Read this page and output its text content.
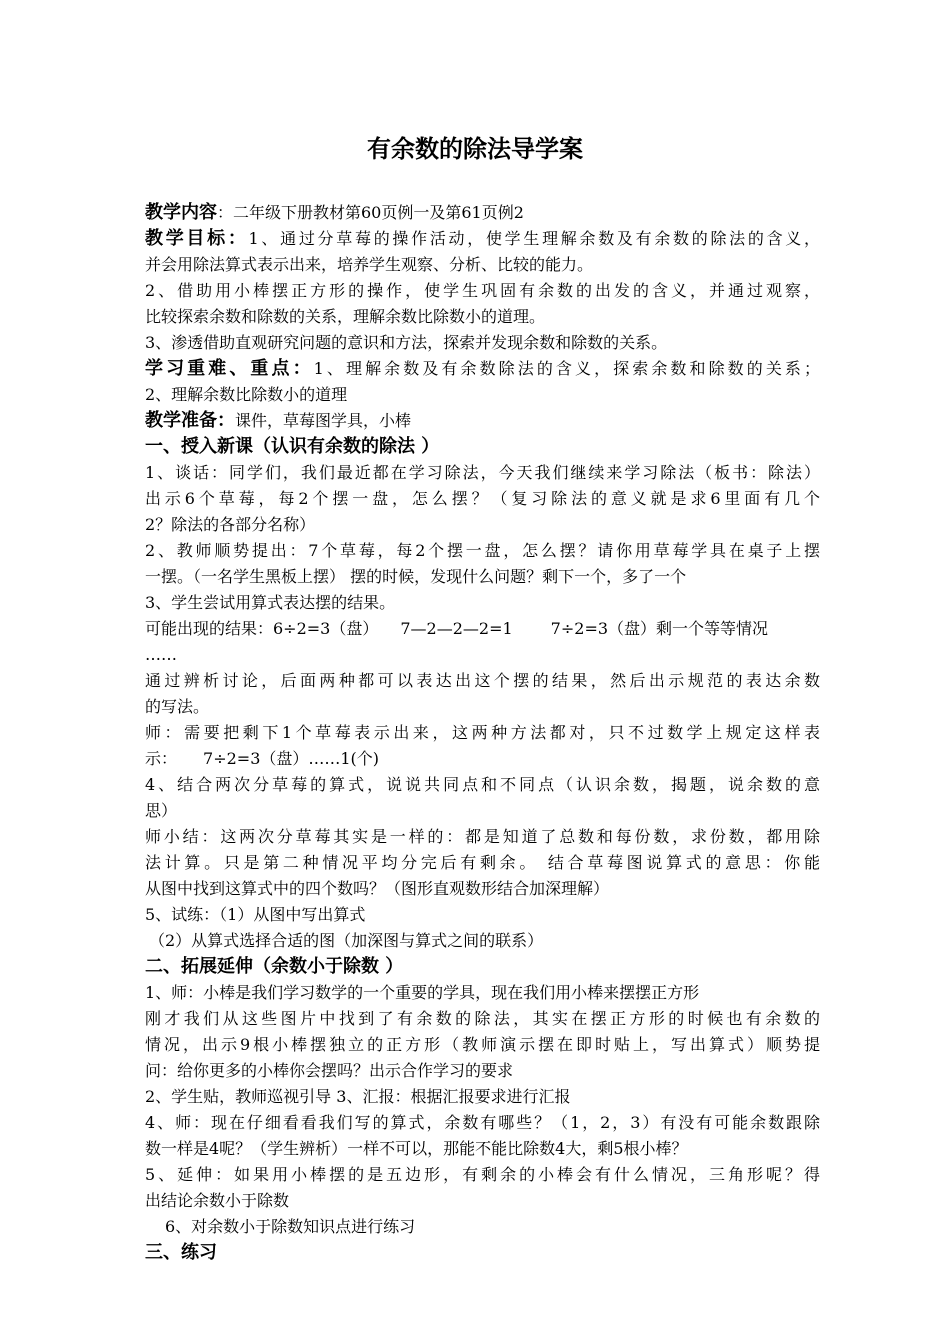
有余数的除法导学案
教学内容：二年级下册教材第60页例一及第61页例2
教学目标：1、通过分草莓的操作活动，使学生理解余数及有余数的除法的含义，
并会用除法算式表示出来，培养学生观察、分析、比较的能力。
2、借助用小棒摆正方形的操作，使学生巩固有余数的出发的含义，并通过观察，
比较探索余数和除数的关系，理解余数比除数小的道理。
3、渗透借助直观研究问题的意识和方法，探索并发现余数和除数的关系。
学习重难、重点：1、理解余数及有余数除法的含义，探索余数和除数的关系；
2、理解余数比除数小的道理
教学准备：课件，草莓图学具，小棒
一、授入新课（认识有余数的除法 ）
1、谈话：同学们，我们最近都在学习除法，今天我们继续来学习除法（板书：除法）
出示6个草莓，每2个摆一盘，怎么摆？（复习除法的意义就是求6里面有几个
2？除法的各部分名称）
2、教师顺势提出：7个草莓，每2个摆一盘，怎么摆？请你用草莓学具在桌子上摆
一摆。（一名学生黑板上摆） 摆的时候，发现什么问题？剩下一个，多了一个
3、学生尝试用算式表达摆的结果。
可能出现的结果：6÷2=3（盘） 7—2—2—2=1 7÷2=3（盘）剩一个等等情况
……
通过辨析讨论，后面两种都可以表达出这个摆的结果，然后出示规范的表达余数
的写法。
师：需要把剩下1个草莓表示出来，这两种方法都对，只不过数学上规定这样表
示： 7÷2=3（盘）……1(个)
4、结合两次分草莓的算式，说说共同点和不同点（认识余数，揭题，说余数的意
思）
师小结：这两次分草莓其实是一样的：都是知道了总数和每份数，求份数，都用除
法计算。只是第二种情况平均分完后有剩余。 结合草莓图说算式的意思：你能
从图中找到这算式中的四个数吗？（图形直观数形结合加深理解）
5、试练：（1）从图中写出算式
（2）从算式选择合适的图（加深图与算式之间的联系）
二、拓展延伸（余数小于除数 ）
1、师：小棒是我们学习数学的一个重要的学具，现在我们用小棒来摆摆正方形
刚才我们从这些图片中找到了有余数的除法，其实在摆正方形的时候也有余数的
情况，出示9根小棒摆独立的正方形（教师演示摆在即时贴上，写出算式）顺势提
问：给你更多的小棒你会摆吗？出示合作学习的要求
2、学生贴，教师巡视引导 3、汇报：根据汇报要求进行汇报
4、师：现在仔细看看我们写的算式，余数有哪些？（1，2，3）有没有可能余数跟除
数一样是4呢？（学生辨析）一样不可以，那能不能比除数4大，剩5根小棒？
5、延伸：如果用小棒摆的是五边形，有剩余的小棒会有什么情况，三角形呢？得
出结论余数小于除数
6、对余数小于除数知识点进行练习
三、练习
